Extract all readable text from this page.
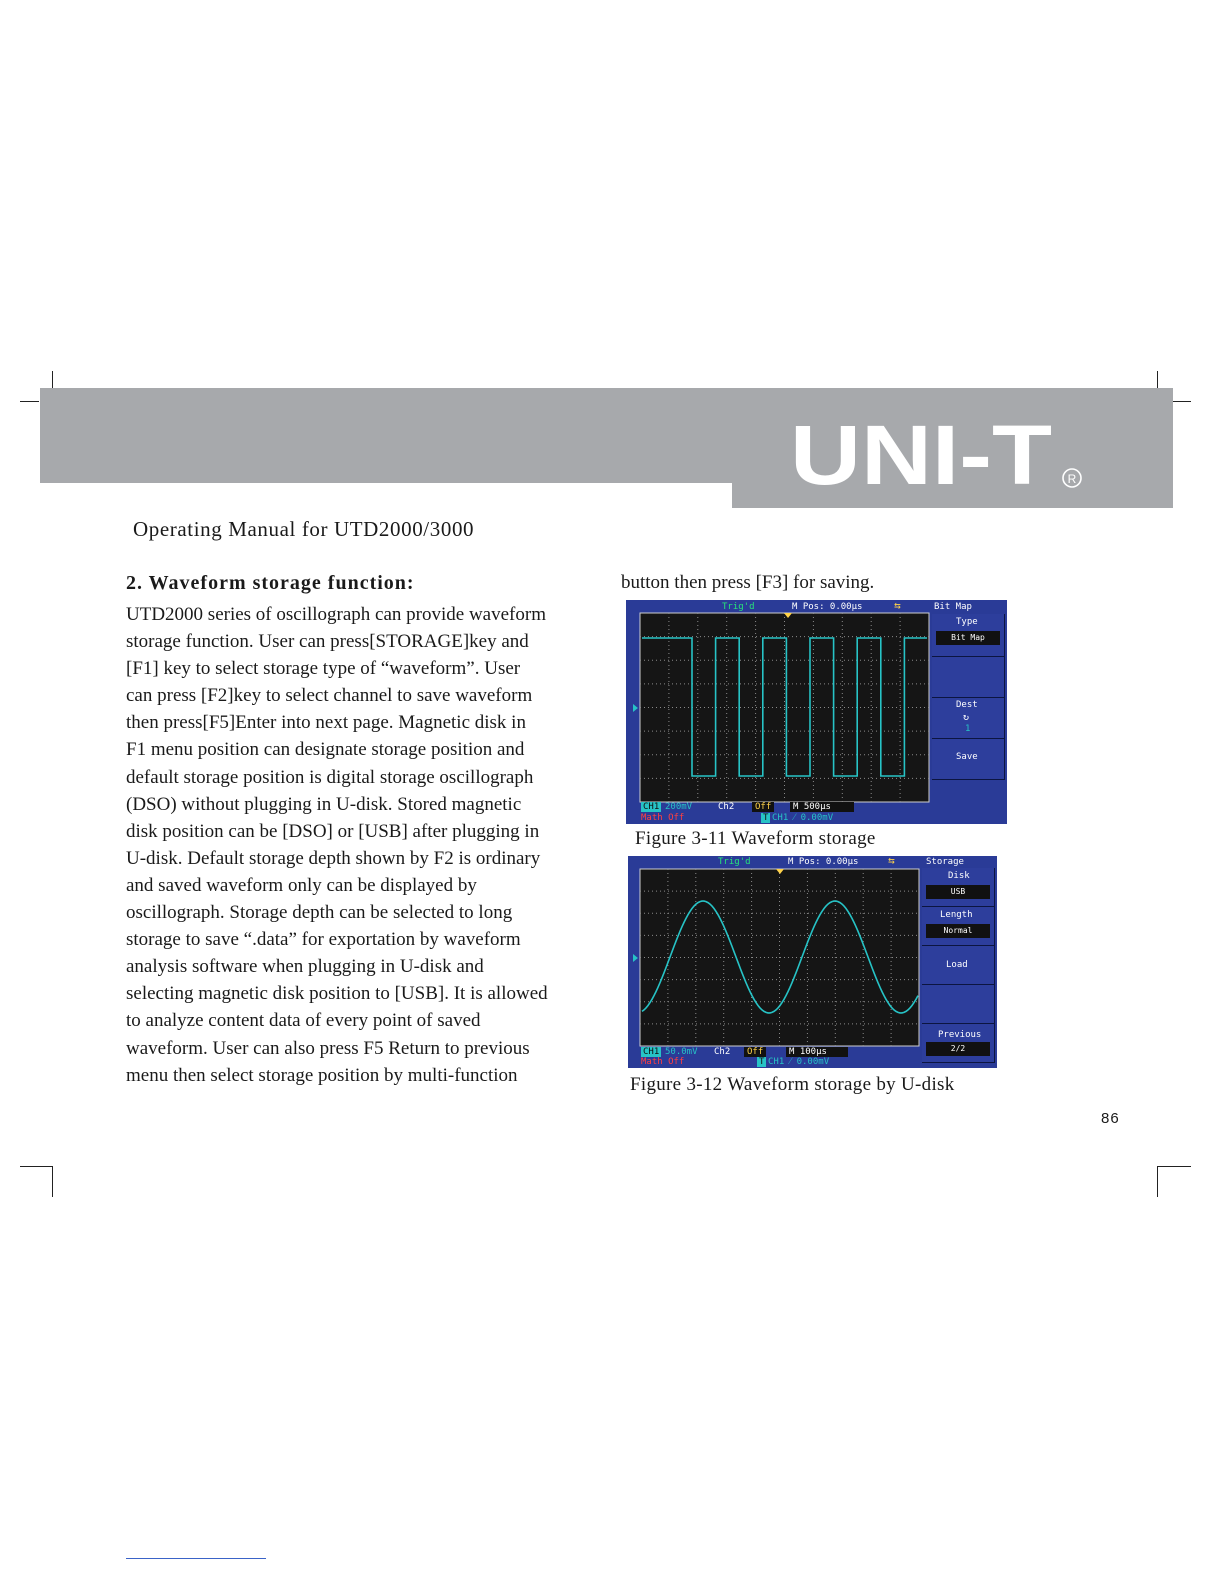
UNI-T R
Operating Manual for UTD2000/3000
2. Waveform storage function:
UTD2000 series of oscillograph can provide waveform
storage function. User can press[STORAGE]key and
[F1] key to select storage type of “waveform”. User
can press [F2]key to select channel to save waveform
then press[F5]Enter into next page. Magnetic disk in
F1 menu position can designate storage position and
default storage position is digital storage oscillograph
(DSO) without plugging in U-disk. Stored magnetic
disk position can be [DSO] or [USB] after plugging in
U-disk. Default storage depth shown by F2 is ordinary
and saved waveform only can be displayed by
oscillograph. Storage depth can be selected to long
storage to save “.data” for exportation by waveform
analysis software when plugging in U-disk and
selecting magnetic disk position to [USB]. It is allowed
to analyze content data of every point of saved
waveform. User can also press F5 Return to previous
menu then select storage position by multi-function
button then press [F3] for saving.
Trig'd	M Pos: 0.00μs	⇆	Bit Map
Type
Bit Map
Dest
↻
1
Save
CH1 200mV	Ch2	Off	M 500μs
Math Off	T CH1 ⁄ 0.00mV
Figure 3-11 Waveform storage
Trig'd	M Pos: 0.00μs	⇆	Storage
Disk
USB
Length
Normal
Load
Previous
2/2
CH1 50.0mV Ch2	Off	M 100μs
Math Off	T CH1 ⁄ 0.00mV
Figure 3-12 Waveform storage by U-disk
86
